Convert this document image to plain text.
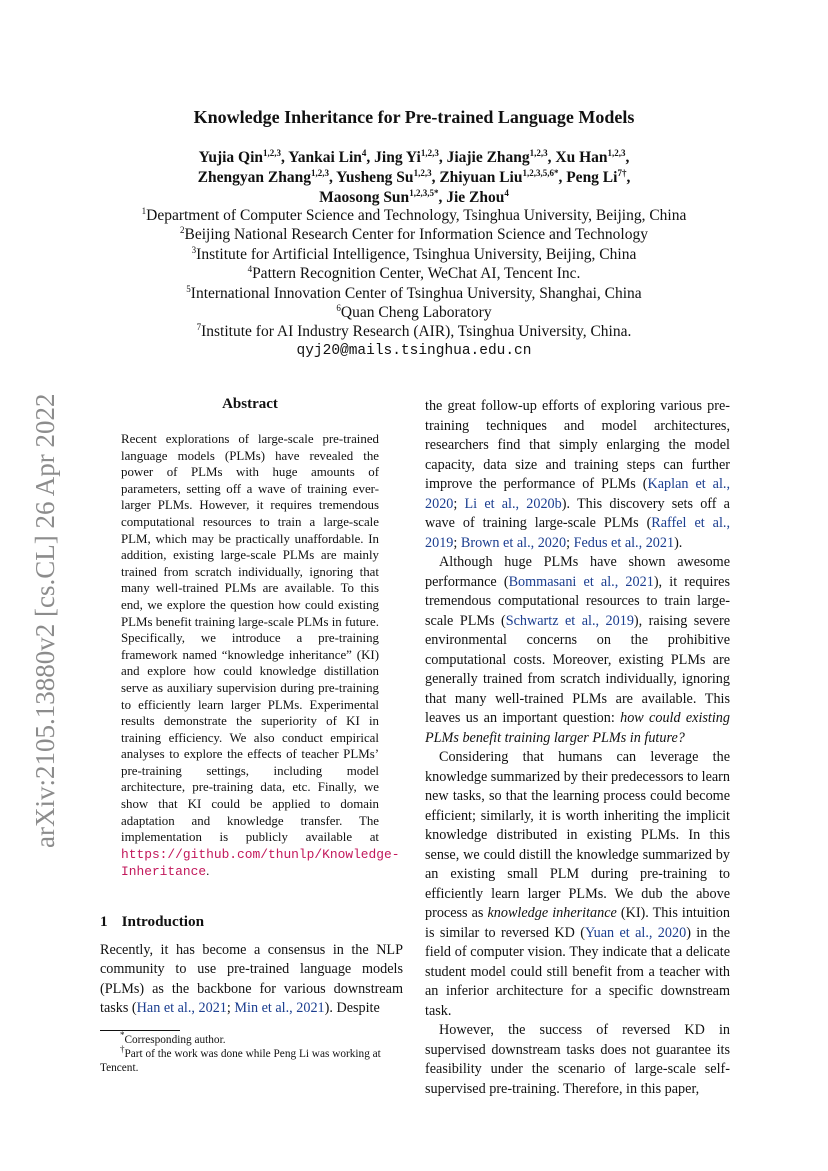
arXiv:2105.13880v2 [cs.CL] 26 Apr 2022
Knowledge Inheritance for Pre-trained Language Models
Yujia Qin$^{1,2,3}$, Yankai Lin$^4$, Jing Yi$^{1,2,3}$, Jiajie Zhang$^{1,2,3}$, Xu Han$^{1,2,3}$,
Zhengyan Zhang$^{1,2,3}$, Yusheng Su$^{1,2,3}$, Zhiyuan Liu$^{1,2,3,5,6*}$, Peng $Li^{7\dagger}$,
Maosong Sun$^{1,2,3,5*}$, Jie Zhou$^4$
$^1$Department of Computer Science and Technology, Tsinghua University, Beijing, China
$^2$Beijing National Research Center for Information Science and Technology
$^3$Institute for Artificial Intelligence, Tsinghua University, Beijing, China
$^4$Pattern Recognition Center, WeChat AI, Tencent Inc.
$^5$International Innovation Center of Tsinghua University, Shanghai, China
$^6$Quan Cheng Laboratory
$^7$Institute for AI Industry Research (AIR), Tsinghua University, China.
qyj20@mails.tsinghua.edu.cn
Abstract

Recent explorations of large-scale pre-trained language models (PLMs) have revealed the power of PLMs with huge amounts of parameters, setting off a wave of training ever-larger PLMs. However, it requires tremendous computational resources to train a large-scale PLM, which may be practically unaffordable. In addition, existing large-scale PLMs are mainly trained from scratch individually, ignoring that many well-trained PLMs are available. To this end, we explore the question how could existing PLMs benefit training large-scale PLMs in future. Specifically, we introduce a pre-training framework named “knowledge inheritance” (KI) and explore how could knowledge distillation serve as auxiliary supervision during pre-training to efficiently learn larger PLMs. Experimental results demonstrate the superiority of KI in training efficiency. We also conduct empirical analyses to explore the effects of teacher PLMs’ pre-training settings, including model architecture, pre-training data, etc. Finally, we show that KI could be applied to domain adaptation and knowledge transfer. The implementation is publicly available at https://github.com/thunlp/Knowledge-Inheritance.

1 Introduction
Recently, it has become a consensus in the NLP community to use pre-trained language models (PLMs) as the backbone for various downstream tasks (Han et al., 2021; Min et al., 2021). Despite
*Corresponding author.
†Part of the work was done while Peng Li was working at Tencent.

the great follow-up efforts of exploring various pre-training techniques and model architectures, researchers find that simply enlarging the model capacity, data size and training steps can further improve the performance of PLMs (Kaplan et al., 2020; Li et al., 2020b). This discovery sets off a wave of training large-scale PLMs (Raffel et al., 2019; Brown et al., 2020; Fedus et al., 2021).

Although huge PLMs have shown awesome performance (Bommasani et al., 2021), it requires tremendous computational resources to train large-scale PLMs (Schwartz et al., 2019), raising severe environmental concerns on the prohibitive computational costs. Moreover, existing PLMs are generally trained from scratch individually, ignoring that many well-trained PLMs are available. This leaves us an important question: how could existing PLMs benefit training larger PLMs in future?

Considering that humans can leverage the knowledge summarized by their predecessors to learn new tasks, so that the learning process could become efficient; similarly, it is worth inheriting the implicit knowledge distributed in existing PLMs. In this sense, we could distill the knowledge summarized by an existing small PLM during pre-training to efficiently learn larger PLMs. We dub the above process as knowledge inheritance (KI). This intuition is similar to reversed KD (Yuan et al., 2020) in the field of computer vision. They indicate that a delicate student model could still benefit from a teacher with an inferior architecture for a specific downstream task.

However, the success of reversed KD in supervised downstream tasks does not guarantee its feasibility under the scenario of large-scale self-supervised pre-training. Therefore, in this paper,
